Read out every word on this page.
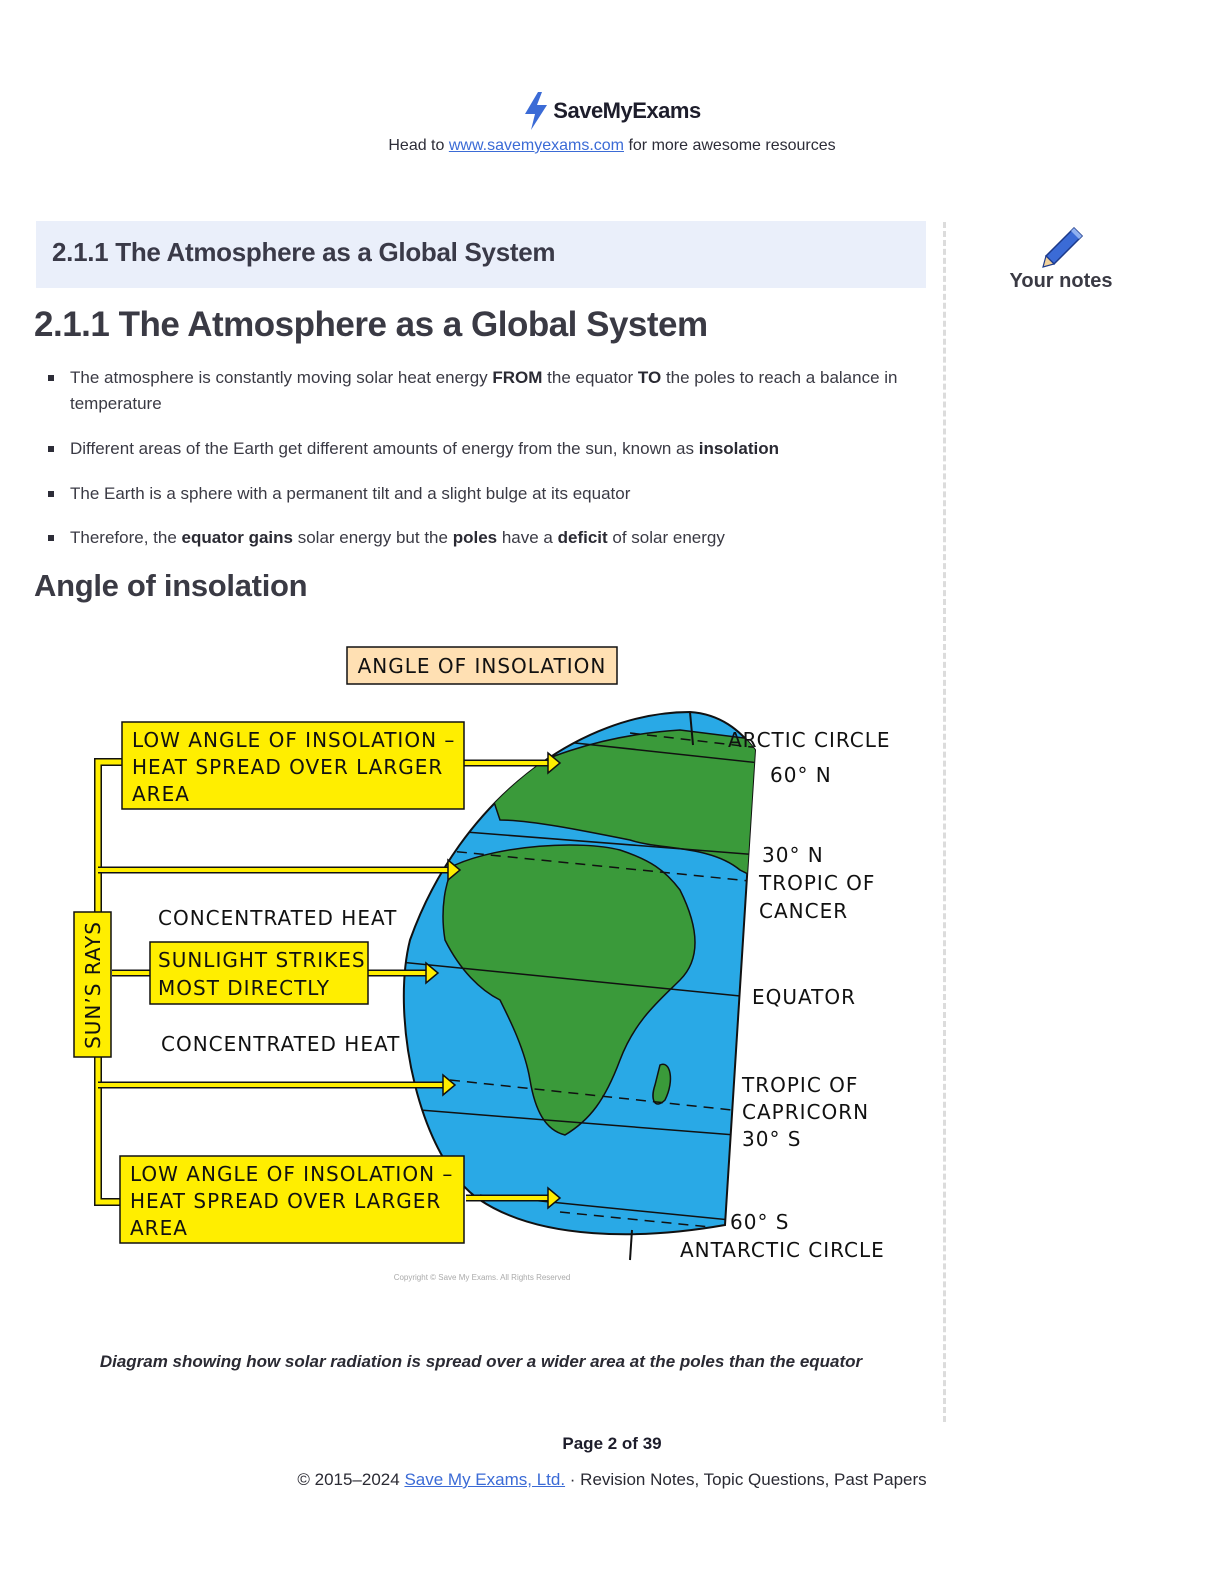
SaveMyExams
Head to www.savemyexams.com for more awesome resources
2.1.1 The Atmosphere as a Global System
2.1.1 The Atmosphere as a Global System
The atmosphere is constantly moving solar heat energy FROM the equator TO the poles to reach a balance in temperature
Different areas of the Earth get different amounts of energy from the sun, known as insolation
The Earth is a sphere with a permanent tilt and a slight bulge at its equator
Therefore, the equator gains solar energy but the poles have a deficit of solar energy
Angle of insolation
ANGLE OF INSOLATION
SUN’S RAYS
LOW ANGLE OF INSOLATION –
HEAT SPREAD OVER LARGER
AREA
CONCENTRATED HEAT
CONCENTRATED HEAT
SUNLIGHT STRIKES
MOST DIRECTLY
LOW ANGLE OF INSOLATION –
HEAT SPREAD OVER LARGER
AREA
ARCTIC CIRCLE
60° N
30° N
TROPIC OF
CANCER
EQUATOR
TROPIC OF
CAPRICORN
30° S
60° S
ANTARCTIC CIRCLE
Copyright © Save My Exams. All Rights Reserved
Diagram showing how solar radiation is spread over a wider area at the poles than the equator
Your notes
Page 2 of 39
© 2015–2024 Save My Exams, Ltd. · Revision Notes, Topic Questions, Past Papers
